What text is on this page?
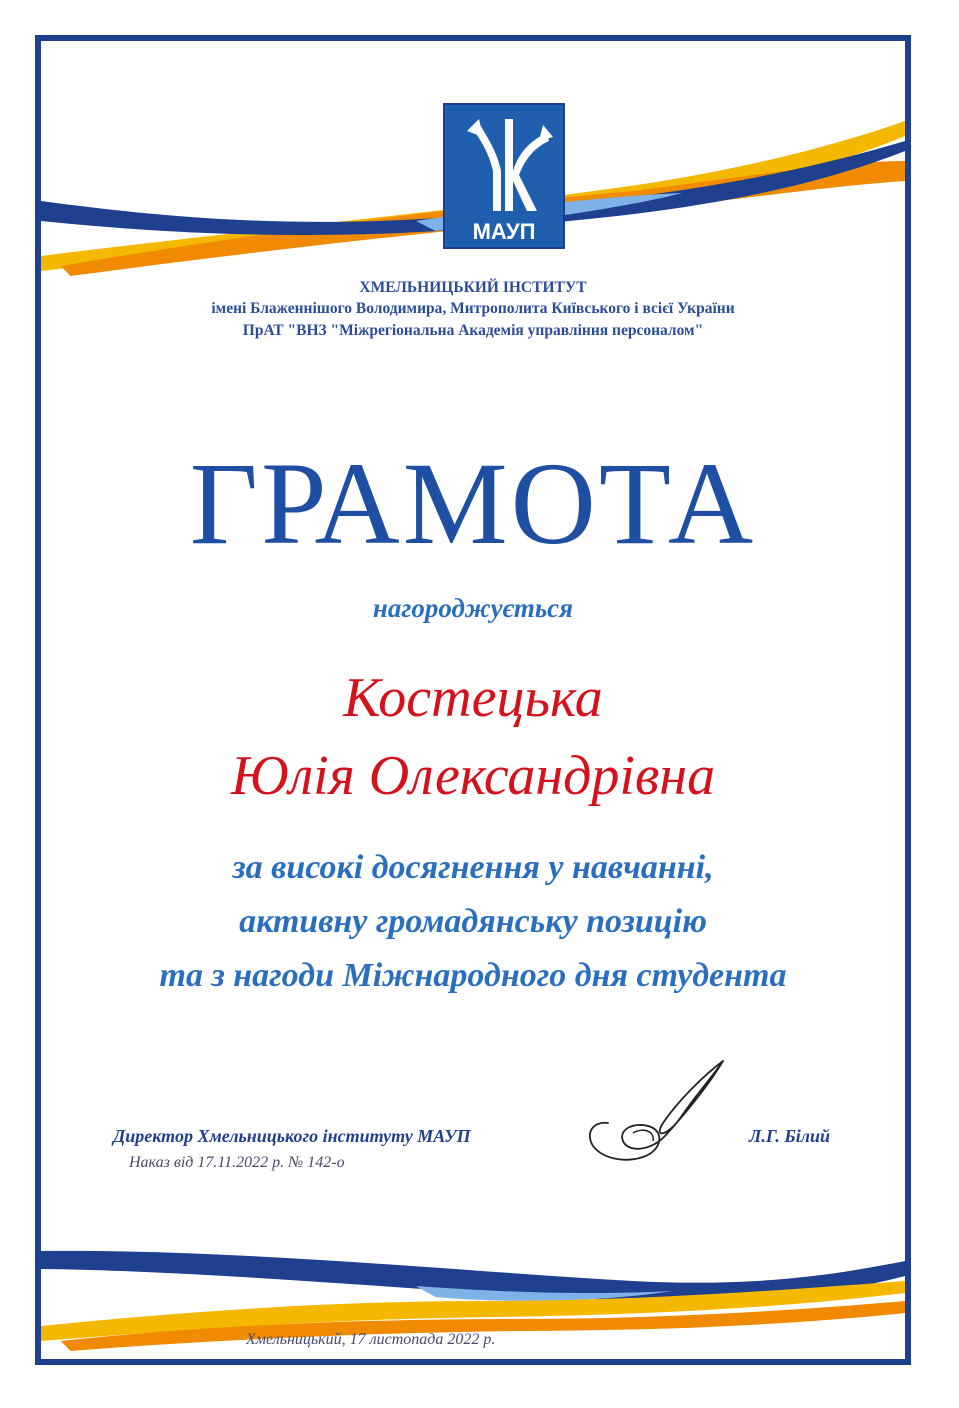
МАУП
ХМЕЛЬНИЦЬКИЙ ІНСТИТУТ
імені Блаженнішого Володимира, Митрополита Київського і всієї України
ПрАТ "ВНЗ "Міжрегіональна Академія управління персоналом"
ГРАМОТА
нагороджується
Костецька
Юлія Олександрівна
за високі досягнення у навчанні,
активну громадянську позицію
та з нагоди Міжнародного дня студента
Директор Хмельницького інституту МАУП
Наказ від 17.11.2022 р. № 142-о
Л.Г. Білий
Хмельницький, 17 листопада 2022 р.
